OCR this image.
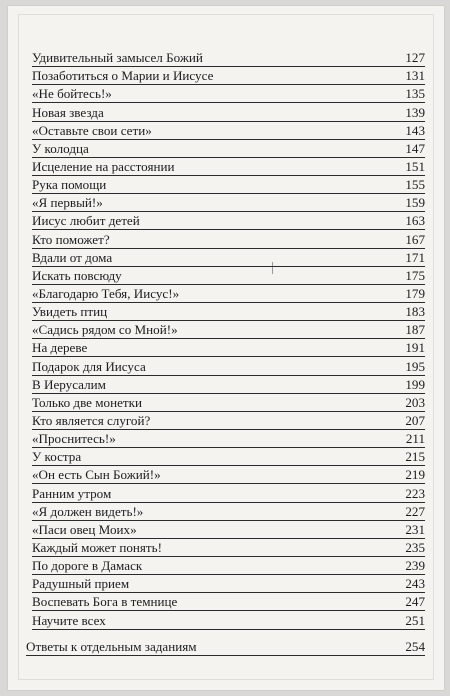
Удивительный замысел Божий	127
Позаботиться о Марии и Иисусе	131
«Не бойтесь!»	135
Новая звезда	139
«Оставьте свои сети»	143
У колодца	147
Исцеление на расстоянии	151
Рука помощи	155
«Я первый!»	159
Иисус любит детей	163
Кто поможет?	167
Вдали от дома	171
Искать повсюду	175
«Благодарю Тебя, Иисус!»	179
Увидеть птиц	183
«Садись рядом со Мной!»	187
На дереве	191
Подарок для Иисуса	195
В Иерусалим	199
Только две монетки	203
Кто является слугой?	207
«Проснитесь!»	211
У костра	215
«Он есть Сын Божий!»	219
Ранним утром	223
«Я должен видеть!»	227
«Паси овец Моих»	231
Каждый может понять!	235
По дороге в Дамаск	239
Радушный прием	243
Воспевать Бога в темнице	247
Научите всех	251
Ответы к отдельным заданиям	254
